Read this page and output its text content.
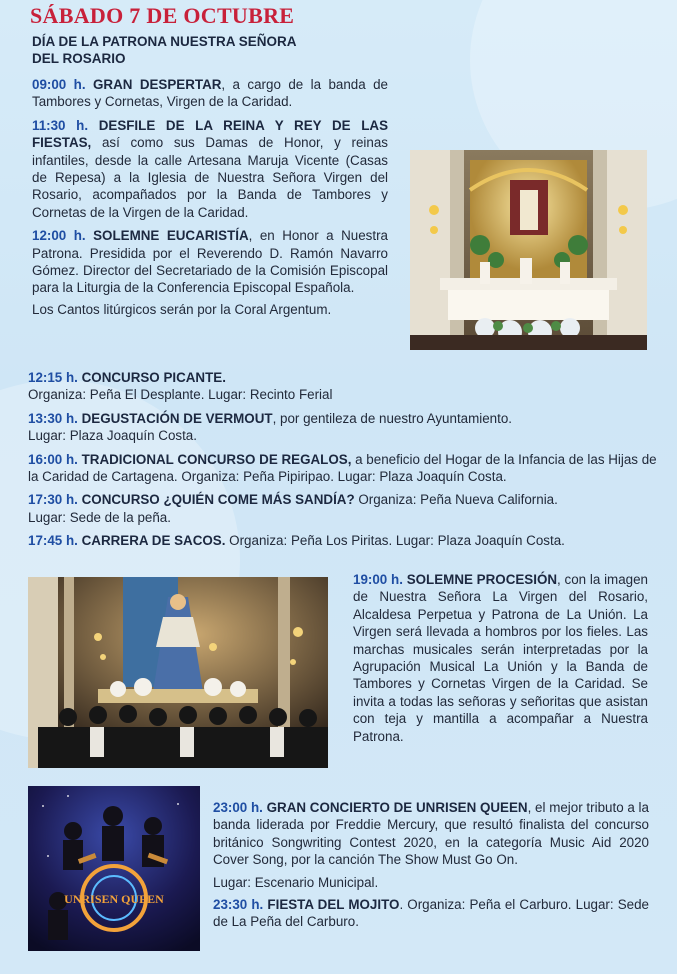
SÁBADO 7 DE OCTUBRE
DÍA DE LA PATRONA NUESTRA SEÑORA
DEL ROSARIO

09:00 h. GRAN DESPERTAR, a cargo de la banda de Tambores y Cornetas, Virgen de la Caridad.

11:30 h. DESFILE DE LA REINA Y REY DE LAS FIESTAS, así como sus Damas de Honor, y reinas infantiles, desde la calle Artesana Maruja Vicente (Casas de Repesa) a la Iglesia de Nuestra Señora Virgen del Rosario, acompañados por la Banda de Tambores y Cornetas de la Virgen de la Caridad.

12:00 h. SOLEMNE EUCARISTÍA, en Honor a Nuestra Patrona. Presidida por el Reverendo D. Ramón Navarro Gómez. Director del Secretariado de la Comisión Episcopal para la Liturgia de la Conferencia Episcopal Española.

Los Cantos litúrgicos serán por la Coral Argentum.

12:15 h. CONCURSO PICANTE.

Organiza: Peña El Desplante. Lugar: Recinto Ferial

13:30 h. DEGUSTACIÓN DE VERMOUT, por gentileza de nuestro Ayuntamiento.

Lugar: Plaza Joaquín Costa.

16:00 h. TRADICIONAL CONCURSO DE REGALOS, a beneficio del Hogar de la Infancia de las Hijas de la Caridad de Cartagena. Organiza: Peña Pipiripao. Lugar: Plaza Joaquín Costa.

17:30 h. CONCURSO ¿QUIÉN COME MÁS SANDÍA? Organiza: Peña Nueva California.

Lugar: Sede de la peña.

17:45 h. CARRERA DE SACOS. Organiza: Peña Los Piritas. Lugar: Plaza Joaquín Costa.

19:00 h. SOLEMNE PROCESIÓN, con la imagen de Nuestra Señora La Virgen del Rosario, Alcaldesa Perpetua y Patrona de La Unión. La Virgen será llevada a hombros por los fieles. Las marchas musicales serán interpretadas por la Agrupación Musical La Unión y la Banda de Tambores y Cornetas Virgen de la Caridad. Se invita a todas las señoras y señoritas que asistan con teja y mantilla a acompañar a Nuestra Patrona.

UNRISEN QUEEN

23:00 h. GRAN CONCIERTO DE UNRISEN QUEEN, el mejor tributo a la banda liderada por Freddie Mercury, que resultó finalista del concurso británico Songwriting Contest 2020, en la categoría Music Aid 2020 Cover Song, por la canción The Show Must Go On.

Lugar: Escenario Municipal.

23:30 h. FIESTA DEL MOJITO. Organiza: Peña el Carburo. Lugar: Sede de La Peña del Carburo.
